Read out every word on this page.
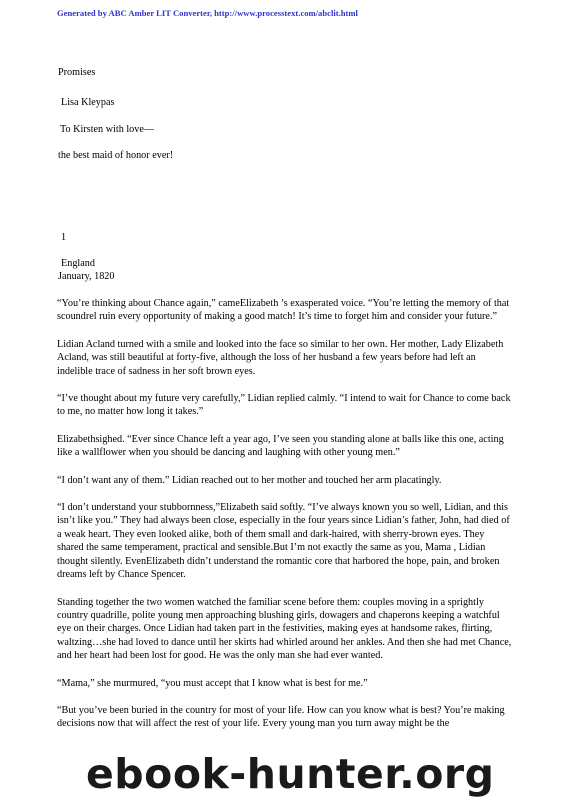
Generated by ABC Amber LIT Converter, http://www.processtext.com/abclit.html
Promises
Lisa Kleypas
To Kirsten with love—
the best maid of honor ever!
1
England
January, 1820

“You’re thinking about Chance again,” cameElizabeth ’s exasperated voice. “You’re letting the memory of that scoundrel ruin every opportunity of making a good match! It’s time to forget him and consider your future.”

Lidian Acland turned with a smile and looked into the face so similar to her own. Her mother, Lady Elizabeth Acland, was still beautiful at forty-five, although the loss of her husband a few years before had left an indelible trace of sadness in her soft brown eyes.

“I’ve thought about my future very carefully,” Lidian replied calmly. “I intend to wait for Chance to come back to me, no matter how long it takes.”

Elizabethsighed. “Ever since Chance left a year ago, I’ve seen you standing alone at balls like this one, acting like a wallflower when you should be dancing and laughing with other young men.”

“I don’t want any of them.” Lidian reached out to her mother and touched her arm placatingly.

“I don’t understand your stubbornness,”Elizabeth said softly. “I’ve always known you so well, Lidian, and this isn’t like you.” They had always been close, especially in the four years since Lidian’s father, John, had died of a weak heart. They even looked alike, both of them small and dark-haired, with sherry-brown eyes. They shared the same temperament, practical and sensible.But I’m not exactly the same as you, Mama , Lidian thought silently. EvenElizabeth didn’t understand the romantic core that harbored the hope, pain, and broken dreams left by Chance Spencer.

Standing together the two women watched the familiar scene before them: couples moving in a sprightly country quadrille, polite young men approaching blushing girls, dowagers and chaperons keeping a watchful eye on their charges. Once Lidian had taken part in the festivities, making eyes at handsome rakes, flirting, waltzing…she had loved to dance until her skirts had whirled around her ankles. And then she had met Chance, and her heart had been lost for good. He was the only man she had ever wanted.

“Mama,” she murmured, “you must accept that I know what is best for me.”

“But you’ve been buried in the country for most of your life. How can you know what is best? You’re making decisions now that will affect the rest of your life. Every young man you turn away might be the

ebook-hunter.org
